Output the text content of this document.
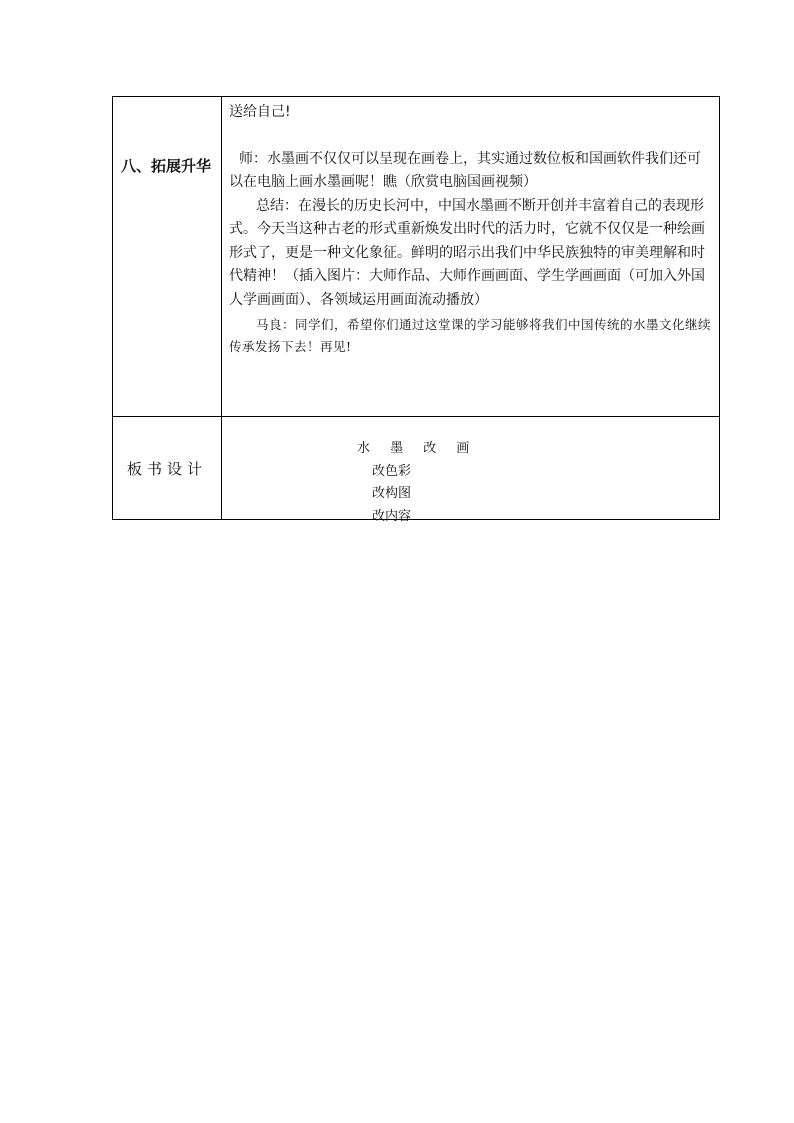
八、拓展升华	送给自己!

师：水墨画不仅仅可以呈现在画卷上，其实通过数位板和国画软件我们还可以在电脑上画水墨画呢！瞧（欣赏电脑国画视频）

总结：在漫长的历史长河中，中国水墨画不断开创并丰富着自己的表现形式。今天当这种古老的形式重新焕发出时代的活力时，它就不仅仅是一种绘画形式了，更是一种文化象征。鲜明的昭示出我们中华民族独特的审美理解和时代精神！（插入图片：大师作品、大师作画画面、学生学画画面（可加入外国人学画画面）、各领域运用画面流动播放）

马良：同学们，希望你们通过这堂课的学习能够将我们中国传统的水墨文化继续传承发扬下去！再见!

板书设计	水 墨 改 画
改色彩
改构图
改内容
